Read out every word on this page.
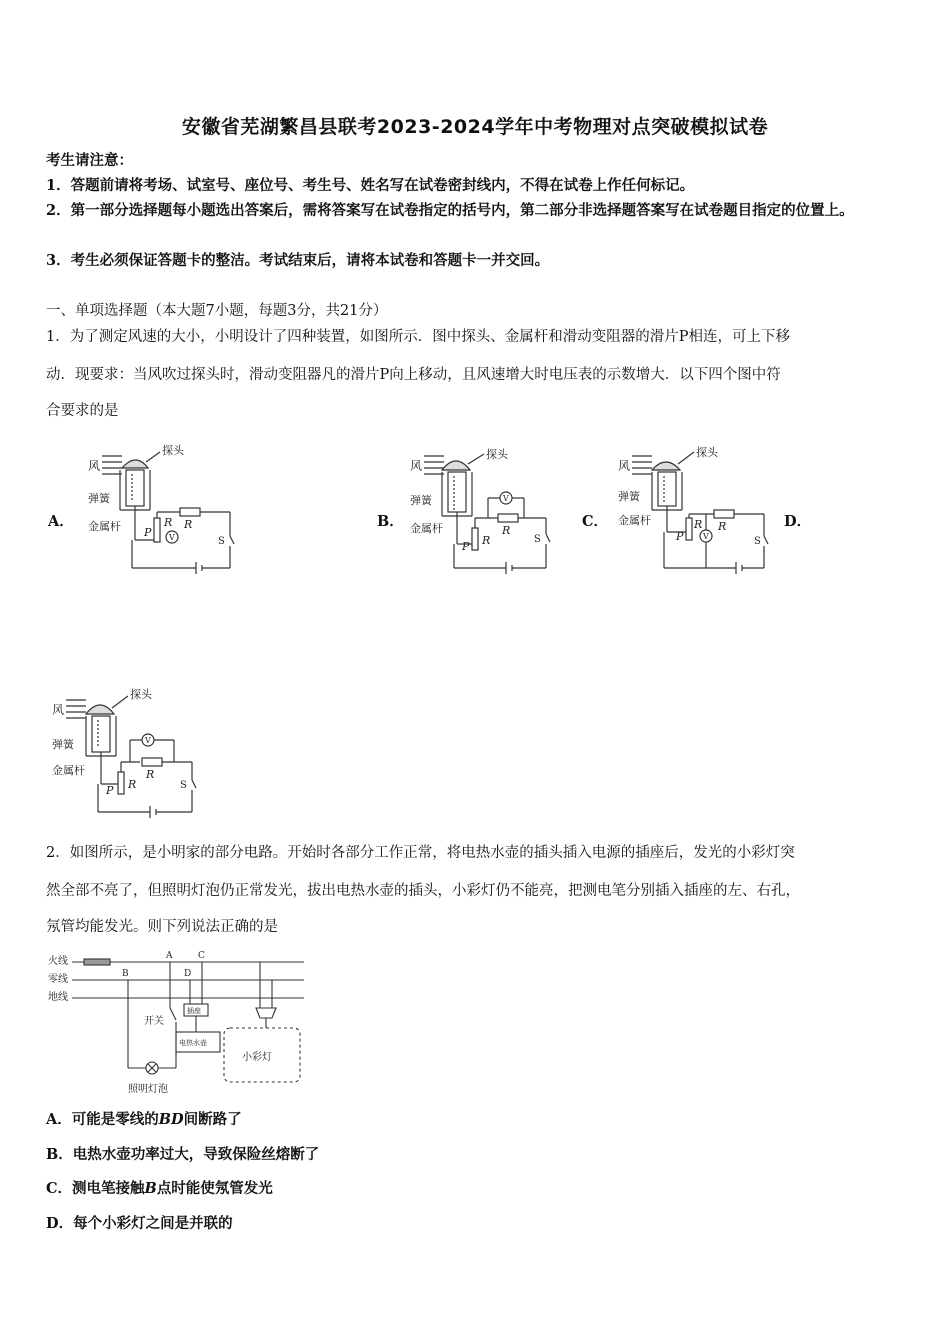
安徽省芜湖繁昌县联考2023-2024学年中考物理对点突破模拟试卷
考生请注意：
1．答题前请将考场、试室号、座位号、考生号、姓名写在试卷密封线内，不得在试卷上作任何标记。
2．第一部分选择题每小题选出答案后，需将答案写在试卷指定的括号内，第二部分非选择题答案写在试卷题目指定的位置上。
3．考生必须保证答题卡的整洁。考试结束后，请将本试卷和答题卡一并交回。
一、单项选择题（本大题7小题，每题3分，共21分）
1．为了测定风速的大小，小明设计了四种装置，如图所示．图中探头、金属杆和滑动变阻器的滑片P相连，可上下移
动．现要求：当风吹过探头时，滑动变阻器凡的滑片P向上移动，且风速增大时电压表的示数增大．以下四个图中符
合要求的是
A．	B．	C．	D．
风
探头
弹簧
金属杆 P
R R
V	S
风
探头
弹簧
金属杆
P R
R
V
S
风
探头
弹簧
金属杆
P
R R
V	S
风
探头
弹簧
金属杆
P R
R
V
S
2．如图所示，是小明家的部分电路。开始时各部分工作正常，将电热水壶的插头插入电源的插座后，发光的小彩灯突
然全部不亮了，但照明灯泡仍正常发光，拔出电热水壶的插头，小彩灯仍不能亮，把测电笔分别插入插座的左、右孔，
氖管均能发光。则下列说法正确的是
火线
零线
地线
A
B
C
D
照明灯泡
开关
插座
电热水壶
小彩灯
A．可能是零线的BD间断路了
B．电热水壶功率过大，导致保险丝熔断了
C．测电笔接触B点时能使氖管发光
D．每个小彩灯之间是并联的
